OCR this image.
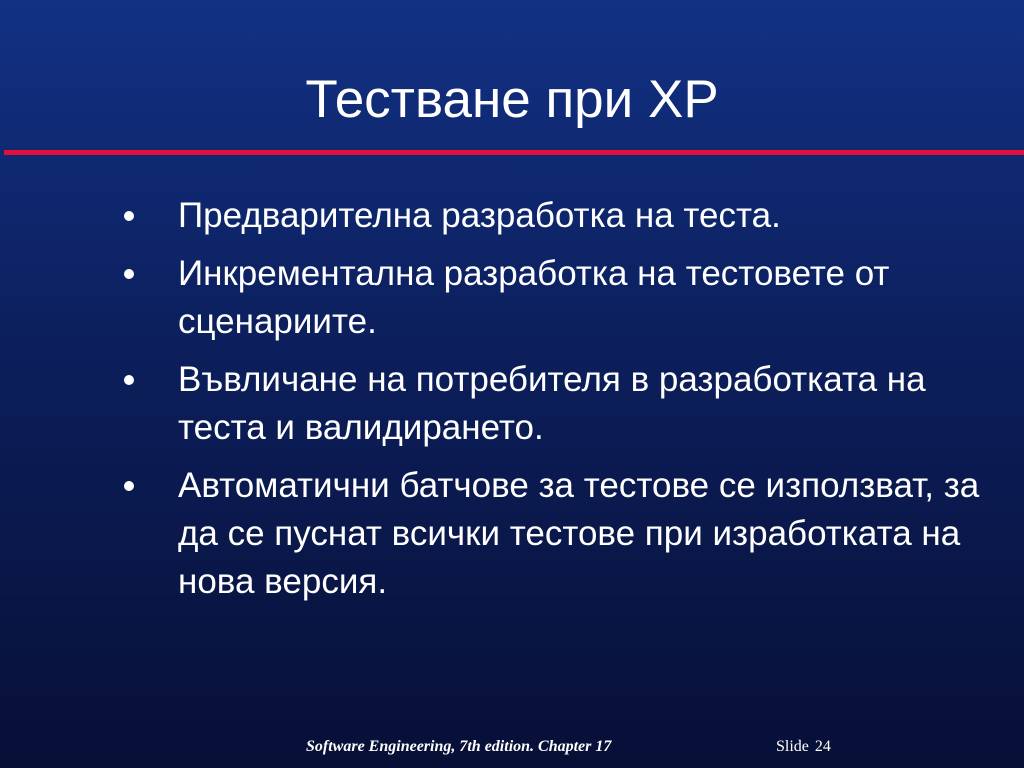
Тестване при XP
Предварителна разработка на теста.
Инкрементална разработка на тестовете от сценариите.
Въвличане на потребителя в разработката на теста и валидирането.
Автоматични батчове за тестове се използват, за да се пуснат всички тестове при изработката на нова версия.
Software Engineering, 7th edition. Chapter 17	Slide 24
